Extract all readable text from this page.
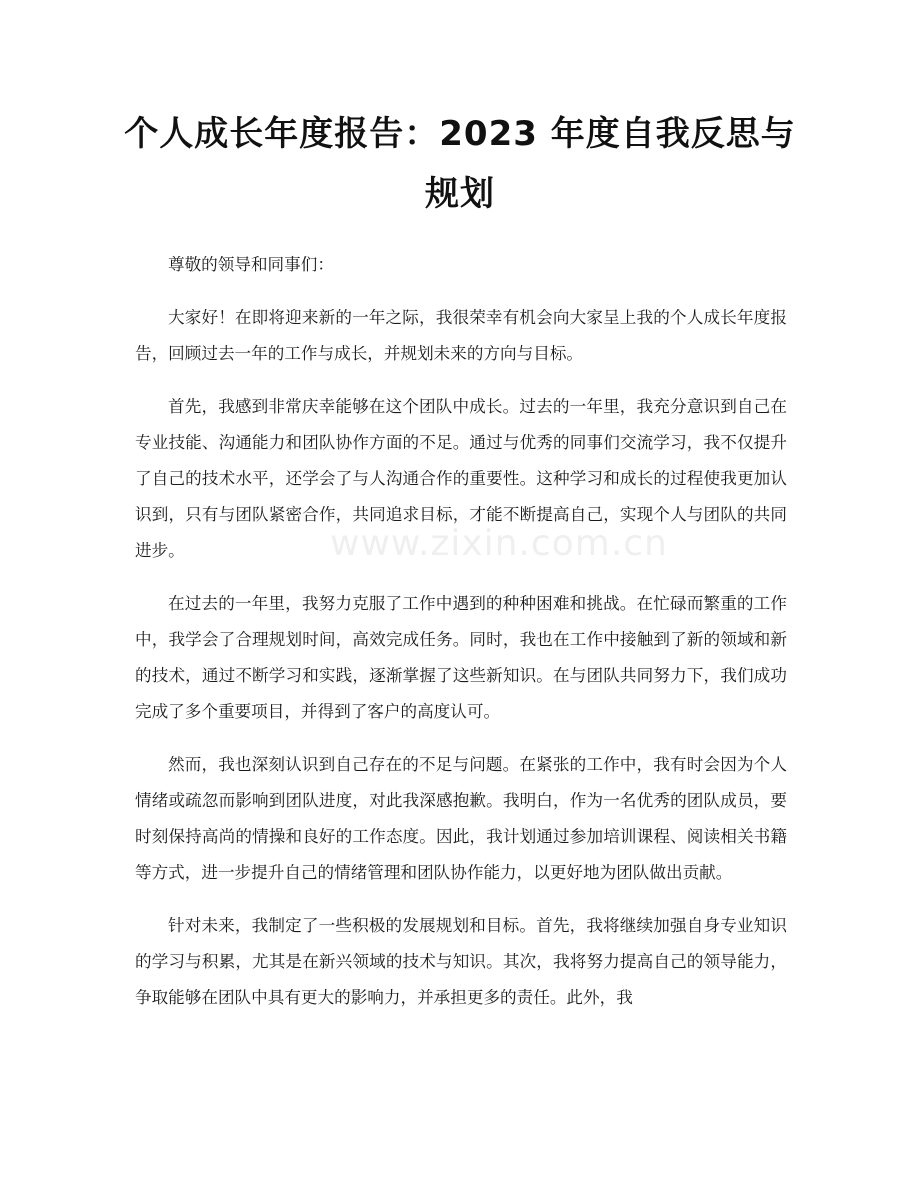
个人成长年度报告：2023 年度自我反思与规划
www.zixin.com.cn

尊敬的领导和同事们：

大家好！在即将迎来新的一年之际，我很荣幸有机会向大家呈上我的个人成长年度报告，回顾过去一年的工作与成长，并规划未来的方向与目标。

首先，我感到非常庆幸能够在这个团队中成长。过去的一年里，我充分意识到自己在专业技能、沟通能力和团队协作方面的不足。通过与优秀的同事们交流学习，我不仅提升了自己的技术水平，还学会了与人沟通合作的重要性。这种学习和成长的过程使我更加认识到，只有与团队紧密合作，共同追求目标，才能不断提高自己，实现个人与团队的共同进步。

在过去的一年里，我努力克服了工作中遇到的种种困难和挑战。在忙碌而繁重的工作中，我学会了合理规划时间，高效完成任务。同时，我也在工作中接触到了新的领域和新的技术，通过不断学习和实践，逐渐掌握了这些新知识。在与团队共同努力下，我们成功完成了多个重要项目，并得到了客户的高度认可。

然而，我也深刻认识到自己存在的不足与问题。在紧张的工作中，我有时会因为个人情绪或疏忽而影响到团队进度，对此我深感抱歉。我明白，作为一名优秀的团队成员，要时刻保持高尚的情操和良好的工作态度。因此，我计划通过参加培训课程、阅读相关书籍等方式，进一步提升自己的情绪管理和团队协作能力，以更好地为团队做出贡献。

针对未来，我制定了一些积极的发展规划和目标。首先，我将继续加强自身专业知识的学习与积累，尤其是在新兴领域的技术与知识。其次，我将努力提高自己的领导能力，争取能够在团队中具有更大的影响力，并承担更多的责任。此外，我
